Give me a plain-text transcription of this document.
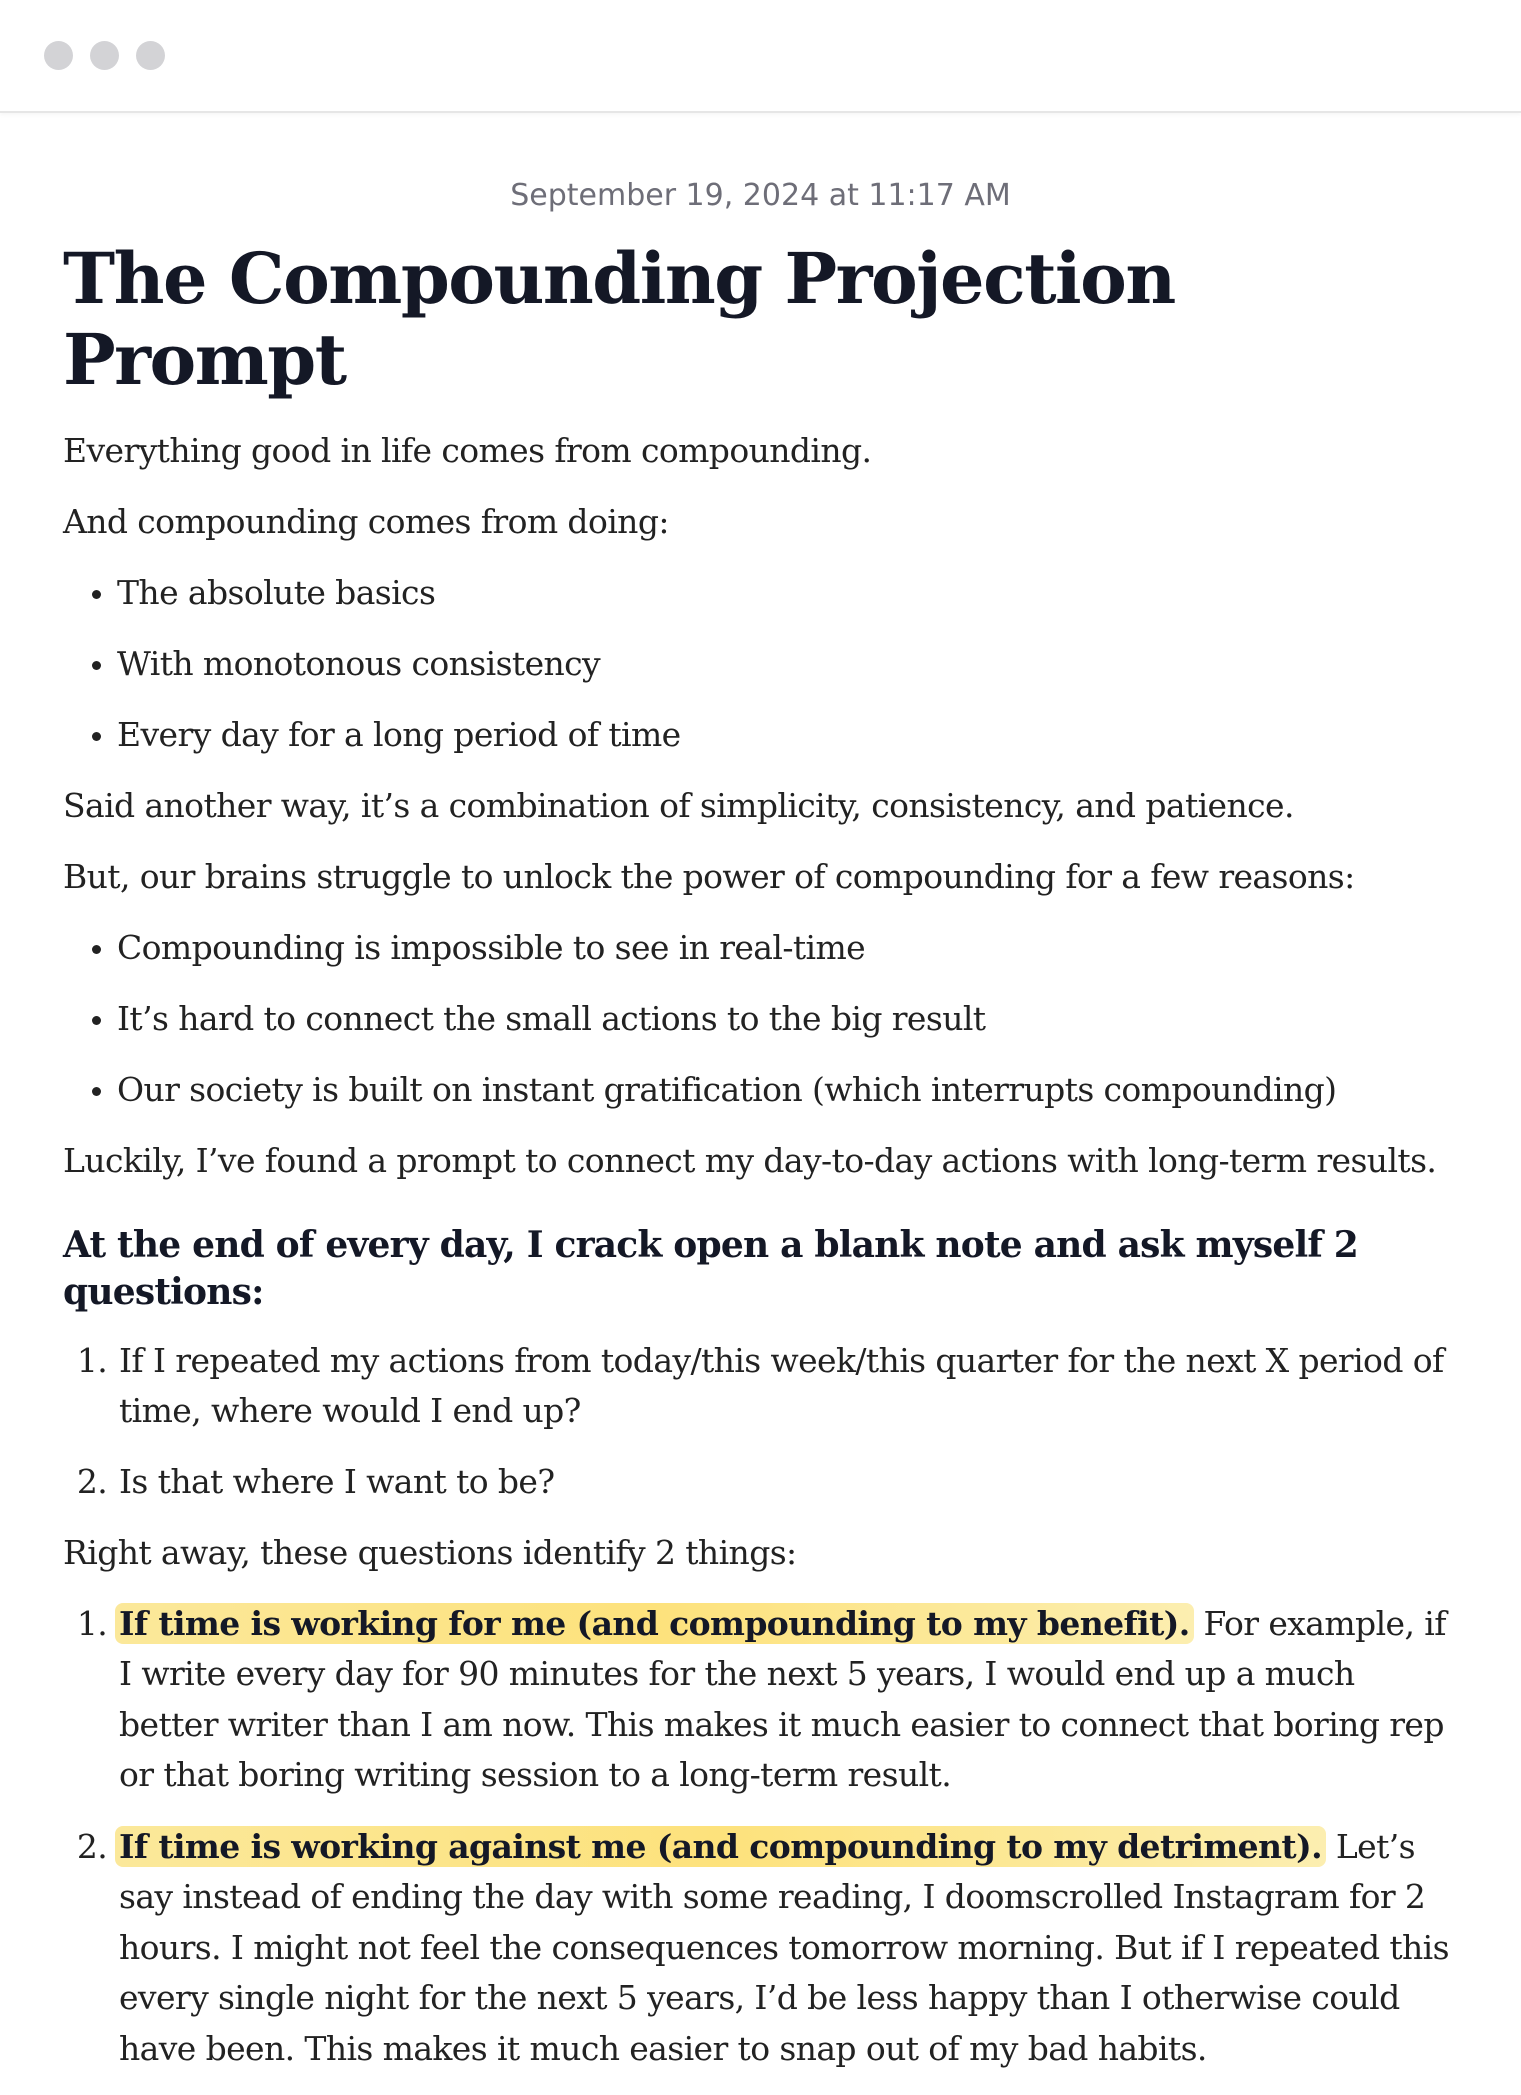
September 19, 2024 at 11:17 AM
The Compounding Projection Prompt

Everything good in life comes from compounding.

And compounding comes from doing:

• The absolute basics
• With monotonous consistency
• Every day for a long period of time

Said another way, it’s a combination of simplicity, consistency, and patience.

But, our brains struggle to unlock the power of compounding for a few reasons:

• Compounding is impossible to see in real-time
• It’s hard to connect the small actions to the big result
• Our society is built on instant gratification (which interrupts compounding)

Luckily, I’ve found a prompt to connect my day-to-day actions with long-term results.

At the end of every day, I crack open a blank note and ask myself 2 questions:
1. If I repeated my actions from today/this week/this quarter for the next X period of time, where would I end up?
2. Is that where I want to be?

Right away, these questions identify 2 things:

1. If time is working for me (and compounding to my benefit). For example, if I write every day for 90 minutes for the next 5 years, I would end up a much better writer than I am now. This makes it much easier to connect that boring rep or that boring writing session to a long-term result.
2. If time is working against me (and compounding to my detriment). Let’s say instead of ending the day with some reading, I doomscrolled Instagram for 2 hours. I might not feel the consequences tomorrow morning. But if I repeated this every single night for the next 5 years, I’d be less happy than I otherwise could have been. This makes it much easier to snap out of my bad habits.
